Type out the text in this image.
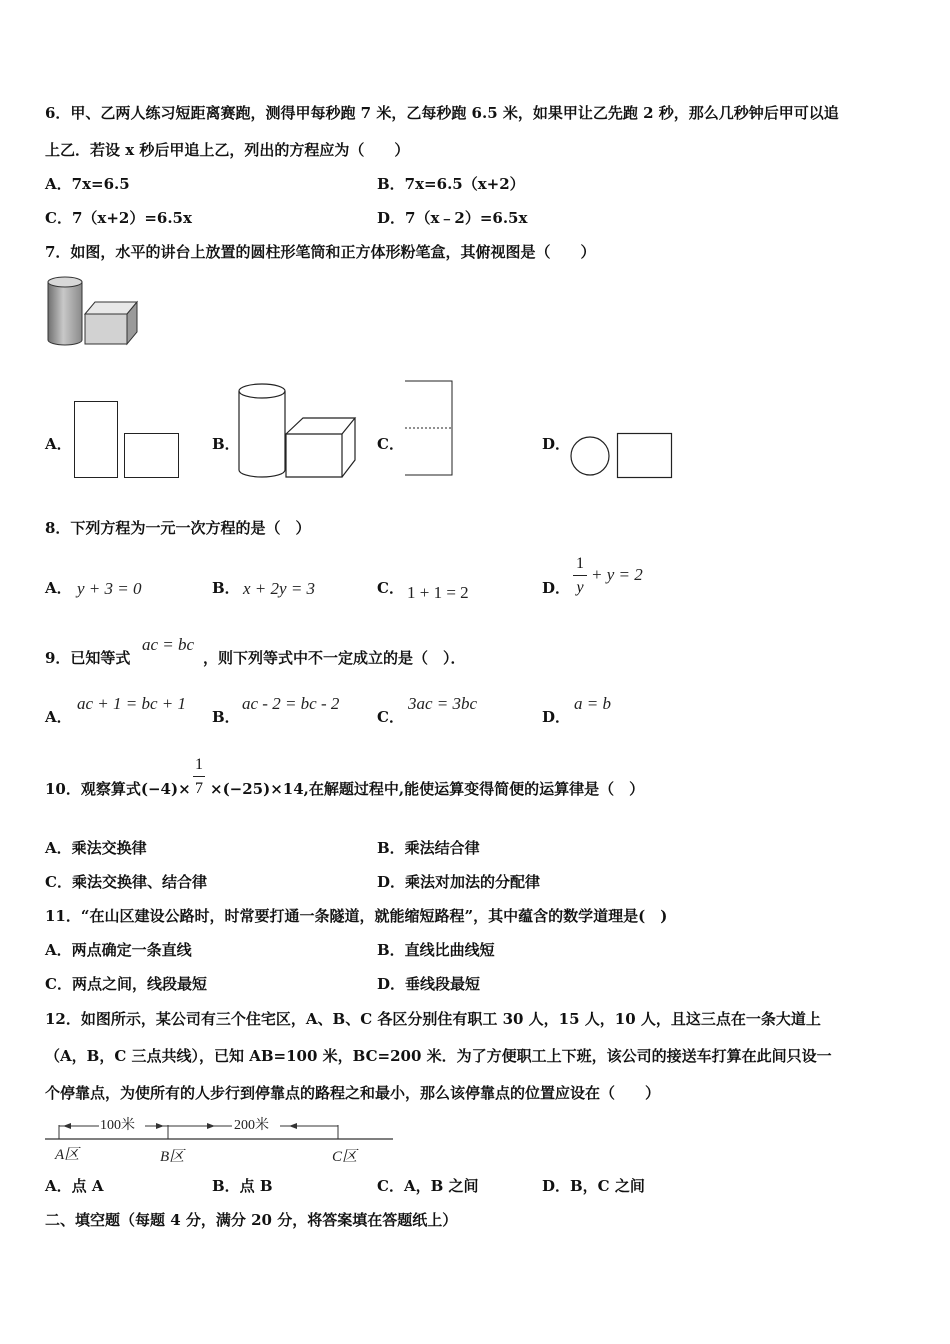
6．甲、乙两人练习短距离赛跑，测得甲每秒跑 7 米，乙每秒跑 6.5 米，如果甲让乙先跑 2 秒，那么几秒钟后甲可以追
上乙．若设 x 秒后甲追上乙，列出的方程应为（　　）
A．7x=6.5	B．7x=6.5（x+2）
C．7（x+2）=6.5x	D．7（x﹣2）=6.5x
7．如图，水平的讲台上放置的圆柱形笔筒和正方体形粉笔盒，其俯视图是（　　）
A．	B．	C．	D．
8．下列方程为一元一次方程的是（　）
A． y + 3 = 0	B． x + 2y = 3	C． 1 + 1 = 2	D．
1
y
+ y = 2
9．已知等式
ac = bc
，则下列等式中不一定成立的是（　）．
A．
ac + 1 = bc + 1
B．
ac - 2 = bc - 2
C．
3ac = 3bc
D．
a = b
10．观察算式(−4)×
1
7 ×(−25)×14,在解题过程中,能使运算变得简便的运算律是（　）
A．乘法交换律	B．乘法结合律
C．乘法交换律、结合律	D．乘法对加法的分配律
11．“在山区建设公路时，时常要打通一条隧道，就能缩短路程”，其中蕴含的数学道理是(　)
A．两点确定一条直线	B．直线比曲线短
C．两点之间，线段最短	D．垂线段最短
12．如图所示，某公司有三个住宅区，A、B、C 各区分别住有职工 30 人，15 人，10 人，且这三点在一条大道上
（A，B，C 三点共线），已知 AB=100 米，BC=200 米．为了方便职工上下班，该公司的接送车打算在此间只设一
个停靠点，为使所有的人步行到停靠点的路程之和最小，那么该停靠点的位置应设在（　　）
100米	200米
A区	B区	C区
A．点 A	B．点 B	C．A，B 之间	D．B，C 之间
二、填空题（每题 4 分，满分 20 分，将答案填在答题纸上）
